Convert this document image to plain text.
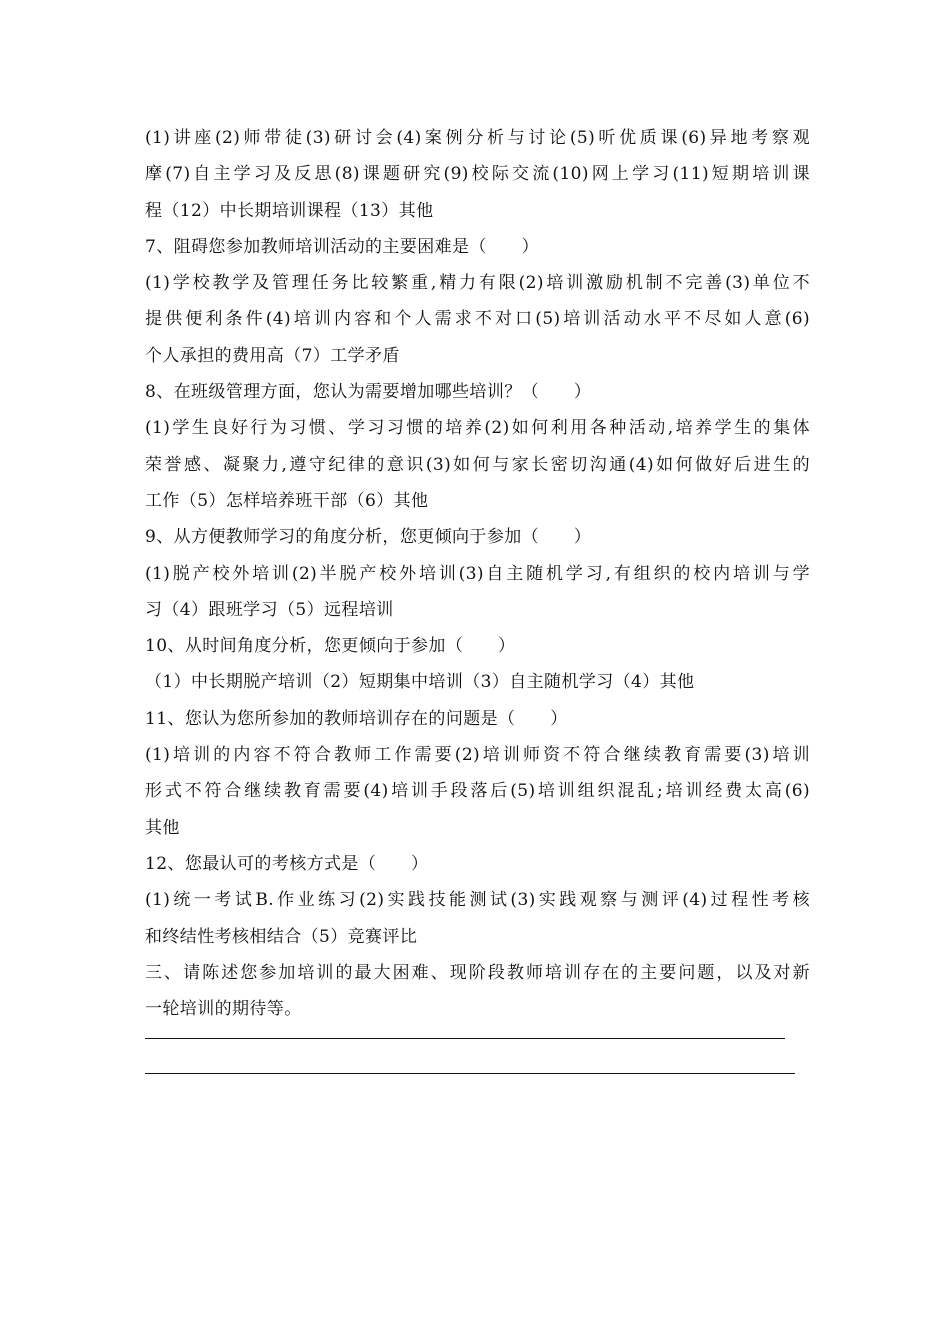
(1)讲座(2)师带徒(3)研讨会(4)案例分析与讨论(5)听优质课(6)异地考察观
摩(7)自主学习及反思(8)课题研究(9)校际交流(10)网上学习(11)短期培训课
程（12）中长期培训课程（13）其他
7、阻碍您参加教师培训活动的主要困难是（　　）
(1)学校教学及管理任务比较繁重,精力有限(2)培训激励机制不完善(3)单位不
提供便利条件(4)培训内容和个人需求不对口(5)培训活动水平不尽如人意(6)
个人承担的费用高（7）工学矛盾
8、在班级管理方面，您认为需要增加哪些培训？（　　）
(1)学生良好行为习惯、学习习惯的培养(2)如何利用各种活动,培养学生的集体
荣誉感、凝聚力,遵守纪律的意识(3)如何与家长密切沟通(4)如何做好后进生的
工作（5）怎样培养班干部（6）其他
9、从方便教师学习的角度分析，您更倾向于参加（　　）
(1)脱产校外培训(2)半脱产校外培训(3)自主随机学习,有组织的校内培训与学
习（4）跟班学习（5）远程培训
10、从时间角度分析，您更倾向于参加（　　）
（1）中长期脱产培训（2）短期集中培训（3）自主随机学习（4）其他
11、您认为您所参加的教师培训存在的问题是（　　）
(1)培训的内容不符合教师工作需要(2)培训师资不符合继续教育需要(3)培训
形式不符合继续教育需要(4)培训手段落后(5)培训组织混乱;培训经费太高(6)
其他
12、您最认可的考核方式是（　　）
(1)统一考试B.作业练习(2)实践技能测试(3)实践观察与测评(4)过程性考核
和终结性考核相结合（5）竞赛评比
三、请陈述您参加培训的最大困难、现阶段教师培训存在的主要问题，以及对新
一轮培训的期待等。
